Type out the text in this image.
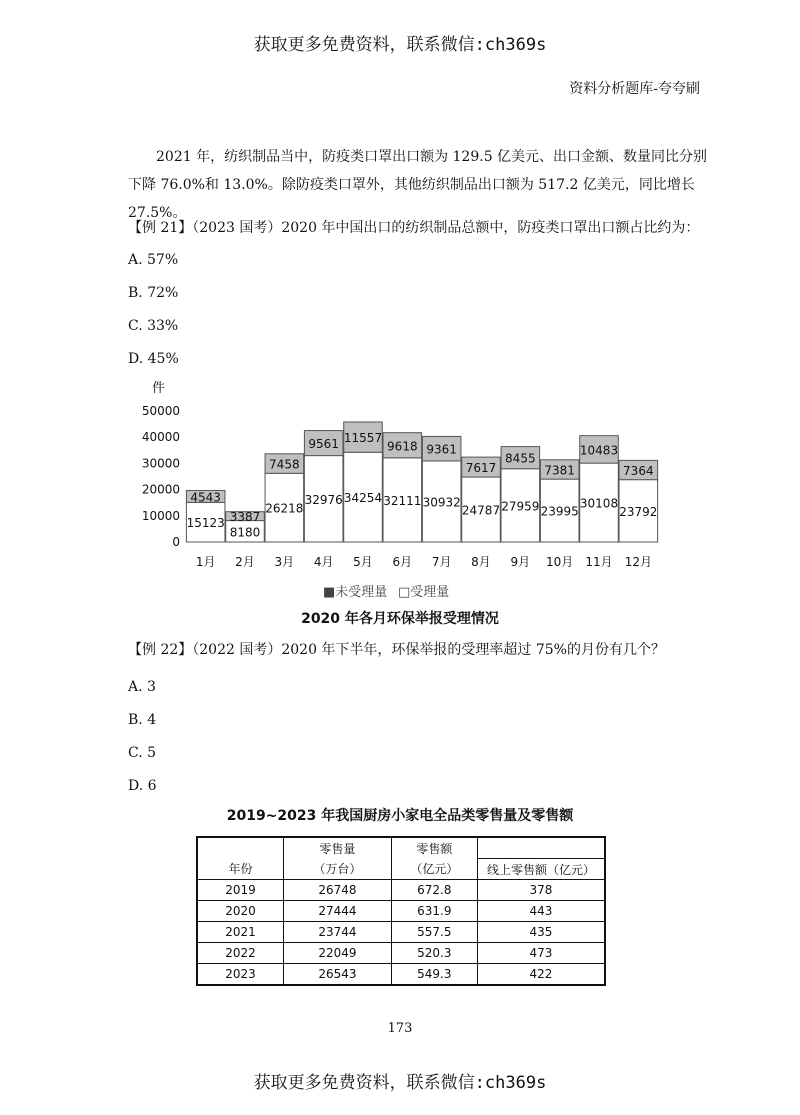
获取更多免费资料，联系微信:ch369s
资料分析题库-夸夸刷

2021 年，纺织制品当中，防疫类口罩出口额为 129.5 亿美元、出口金额、数量同比分别下降 76.0%和 13.0%。除防疫类口罩外，其他纺织制品出口额为 517.2 亿美元，同比增长 27.5%。

【例 21】（2023 国考）2020 年中国出口的纺织制品总额中，防疫类口罩出口额占比约为：
A. 57%
B. 72%
C. 33%
D. 45%
件
0
10000
20000
30000
40000
50000
15123
4543
1月
8180
3387
2月
26218
7458
3月
32976
9561
4月
34254
11557
5月
32111
9618
6月
30932
9361
7月
24787
7617
8月
27959
8455
9月
23995
7381
10月
30108
10483
11月
23792
7364
12月
■未受理量 □受理量
2020 年各月环保举报受理情况
【例 22】（2022 国考）2020 年下半年，环保举报的受理率超过 75%的月份有几个？
A. 3
B. 4
C. 5
D. 6
2019~2023 年我国厨房小家电全品类零售量及零售额
	零售量	零售额	
年份	（万台）	（亿元）	线上零售额（亿元）
2019	26748	672.8	378
2020	27444	631.9	443
2021	23744	557.5	435
2022	22049	520.3	473
2023	26543	549.3	422
173
获取更多免费资料，联系微信:ch369s
